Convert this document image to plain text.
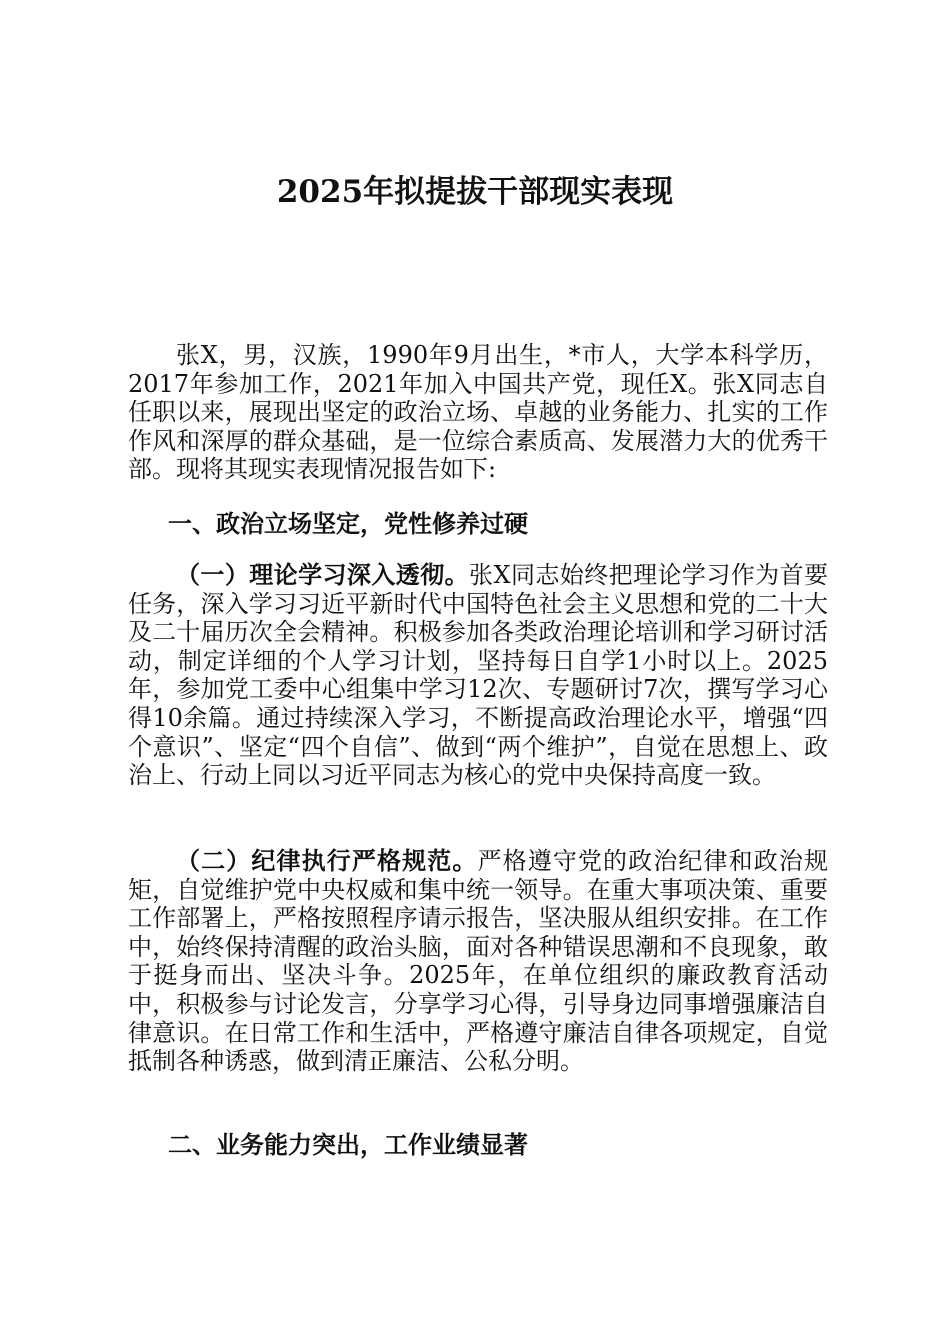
2025年拟提拔干部现实表现

张X，男，汉族，1990年9月出生，*市人，大学本科学历，2017年参加工作，2021年加入中国共产党，现任X。张X同志自任职以来，展现出坚定的政治立场、卓越的业务能力、扎实的工作作风和深厚的群众基础，是一位综合素质高、发展潜力大的优秀干部。现将其现实表现情况报告如下:

一、政治立场坚定，党性修养过硬

（一）理论学习深入透彻。张X同志始终把理论学习作为首要任务，深入学习习近平新时代中国特色社会主义思想和党的二十大及二十届历次全会精神。积极参加各类政治理论培训和学习研讨活动，制定详细的个人学习计划，坚持每日自学1小时以上。2025年，参加党工委中心组集中学习12次、专题研讨7次，撰写学习心得10余篇。通过持续深入学习，不断提高政治理论水平，增强“四个意识”、坚定“四个自信”、做到“两个维护”，自觉在思想上、政治上、行动上同以习近平同志为核心的党中央保持高度一致。

（二）纪律执行严格规范。严格遵守党的政治纪律和政治规矩，自觉维护党中央权威和集中统一领导。在重大事项决策、重要工作部署上，严格按照程序请示报告，坚决服从组织安排。在工作中，始终保持清醒的政治头脑，面对各种错误思潮和不良现象，敢于挺身而出、坚决斗争。2025年，在单位组织的廉政教育活动中，积极参与讨论发言，分享学习心得，引导身边同事增强廉洁自律意识。在日常工作和生活中，严格遵守廉洁自律各项规定，自觉抵制各种诱惑，做到清正廉洁、公私分明。

二、业务能力突出，工作业绩显著
